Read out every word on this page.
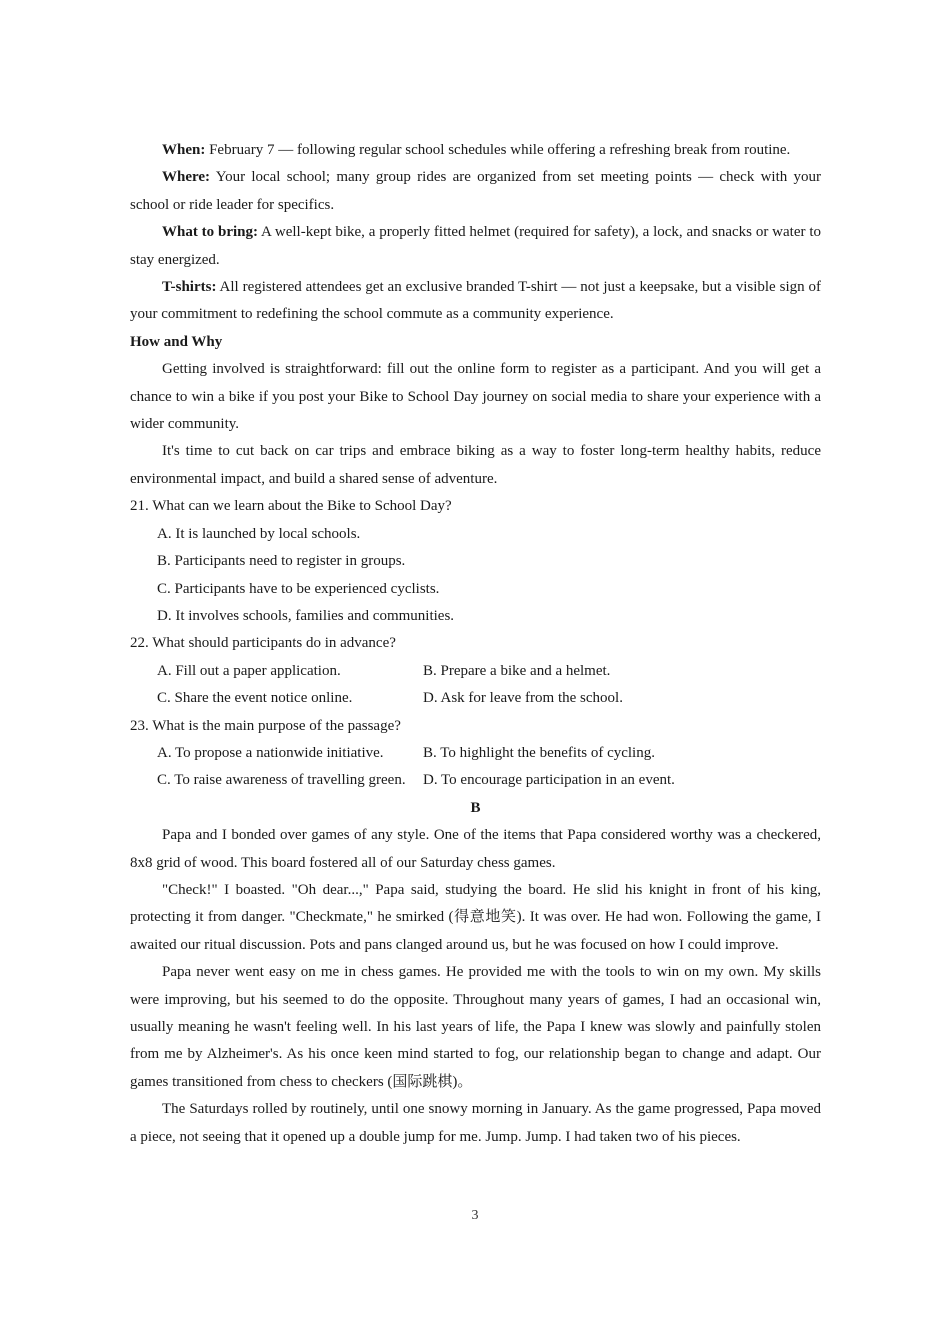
When: February 7 — following regular school schedules while offering a refreshing break from routine.

Where: Your local school; many group rides are organized from set meeting points — check with your school or ride leader for specifics.

What to bring: A well-kept bike, a properly fitted helmet (required for safety), a lock, and snacks or water to stay energized.

T-shirts: All registered attendees get an exclusive branded T-shirt — not just a keepsake, but a visible sign of your commitment to redefining the school commute as a community experience.

How and Why

Getting involved is straightforward: fill out the online form to register as a participant. And you will get a chance to win a bike if you post your Bike to School Day journey on social media to share your experience with a wider community.

It's time to cut back on car trips and embrace biking as a way to foster long-term healthy habits, reduce environmental impact, and build a shared sense of adventure.

21. What can we learn about the Bike to School Day?

A. It is launched by local schools.

B. Participants need to register in groups.

C. Participants have to be experienced cyclists.

D. It involves schools, families and communities.

22. What should participants do in advance?

A. Fill out a paper application.	B. Prepare a bike and a helmet.
C. Share the event notice online.	D. Ask for leave from the school.

23. What is the main purpose of the passage?

A. To propose a nationwide initiative.	B. To highlight the benefits of cycling.
C. To raise awareness of travelling green.	D. To encourage participation in an event.

B

Papa and I bonded over games of any style. One of the items that Papa considered worthy was a checkered, 8x8 grid of wood. This board fostered all of our Saturday chess games.

"Check!" I boasted. "Oh dear...," Papa said, studying the board. He slid his knight in front of his king, protecting it from danger. "Checkmate," he smirked (得意地笑). It was over. He had won. Following the game, I awaited our ritual discussion. Pots and pans clanged around us, but he was focused on how I could improve.

Papa never went easy on me in chess games. He provided me with the tools to win on my own. My skills were improving, but his seemed to do the opposite. Throughout many years of games, I had an occasional win, usually meaning he wasn't feeling well. In his last years of life, the Papa I knew was slowly and painfully stolen from me by Alzheimer's. As his once keen mind started to fog, our relationship began to change and adapt. Our games transitioned from chess to checkers (国际跳棋)。

The Saturdays rolled by routinely, until one snowy morning in January. As the game progressed, Papa moved a piece, not seeing that it opened up a double jump for me. Jump. Jump. I had taken two of his pieces.

3
